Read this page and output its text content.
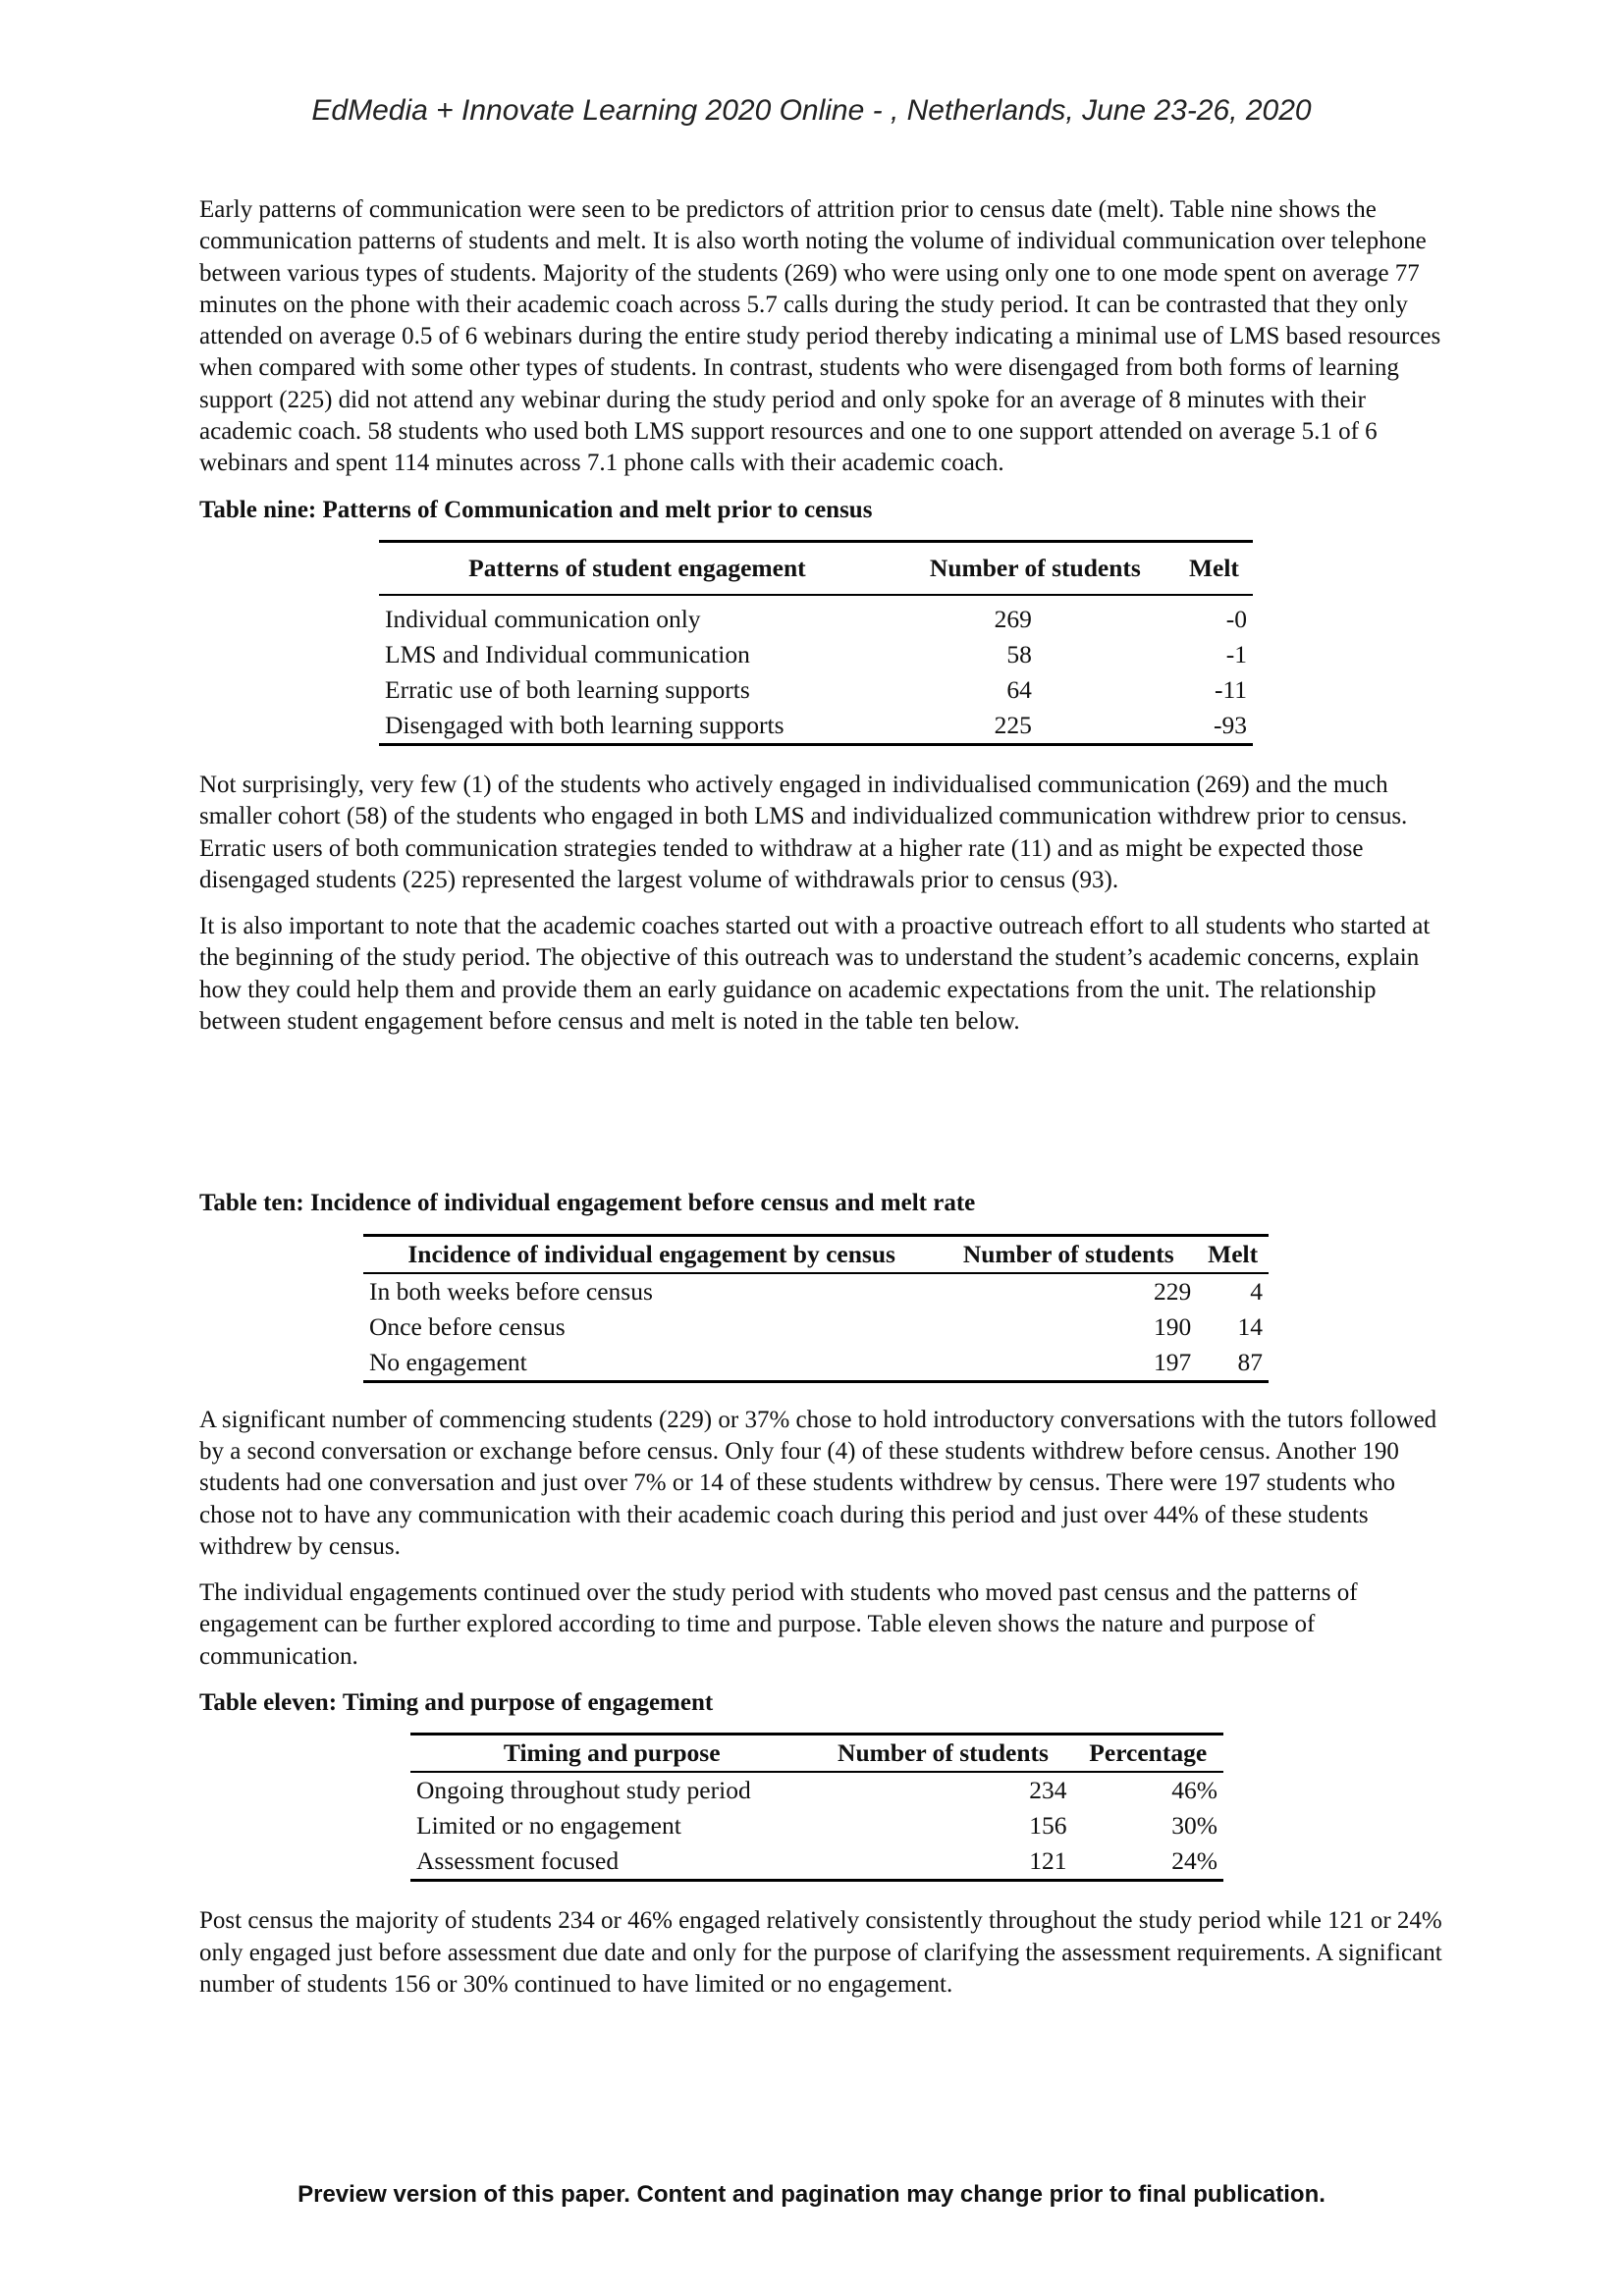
EdMedia + Innovate Learning 2020 Online - , Netherlands, June 23-26, 2020

Early patterns of communication were seen to be predictors of attrition prior to census date (melt). Table nine shows the communication patterns of students and melt. It is also worth noting the volume of individual communication over telephone between various types of students. Majority of the students (269) who were using only one to one mode spent on average 77 minutes on the phone with their academic coach across 5.7 calls during the study period. It can be contrasted that they only attended on average 0.5 of 6 webinars during the entire study period thereby indicating a minimal use of LMS based resources when compared with some other types of students. In contrast, students who were disengaged from both forms of learning support (225) did not attend any webinar during the study period and only spoke for an average of 8 minutes with their academic coach. 58 students who used both LMS support resources and one to one support attended on average 5.1 of 6 webinars and spent 114 minutes across 7.1 phone calls with their academic coach.

Table nine: Patterns of Communication and melt prior to census
Patterns of student engagement	Number of students	Melt
Individual communication only	269	-0
LMS and Individual communication	58	-1
Erratic use of both learning supports	64	-11
Disengaged with both learning supports	225	-93

Not surprisingly, very few (1) of the students who actively engaged in individualised communication (269) and the much smaller cohort (58) of the students who engaged in both LMS and individualized communication withdrew prior to census. Erratic users of both communication strategies tended to withdraw at a higher rate (11) and as might be expected those disengaged students (225) represented the largest volume of withdrawals prior to census (93).

It is also important to note that the academic coaches started out with a proactive outreach effort to all students who started at the beginning of the study period. The objective of this outreach was to understand the student’s academic concerns, explain how they could help them and provide them an early guidance on academic expectations from the unit. The relationship between student engagement before census and melt is noted in the table ten below.

Table ten: Incidence of individual engagement before census and melt rate
Incidence of individual engagement by census	Number of students	Melt
In both weeks before census	229	4
Once before census	190	14
No engagement	197	87

A significant number of commencing students (229) or 37% chose to hold introductory conversations with the tutors followed by a second conversation or exchange before census. Only four (4) of these students withdrew before census. Another 190 students had one conversation and just over 7% or 14 of these students withdrew by census. There were 197 students who chose not to have any communication with their academic coach during this period and just over 44% of these students withdrew by census.

The individual engagements continued over the study period with students who moved past census and the patterns of engagement can be further explored according to time and purpose. Table eleven shows the nature and purpose of communication.

Table eleven: Timing and purpose of engagement
Timing and purpose	Number of students	Percentage
Ongoing throughout study period	234	46%
Limited or no engagement	156	30%
Assessment focused	121	24%

Post census the majority of students 234 or 46% engaged relatively consistently throughout the study period while 121 or 24% only engaged just before assessment due date and only for the purpose of clarifying the assessment requirements. A significant number of students 156 or 30% continued to have limited or no engagement.

Preview version of this paper. Content and pagination may change prior to final publication.
